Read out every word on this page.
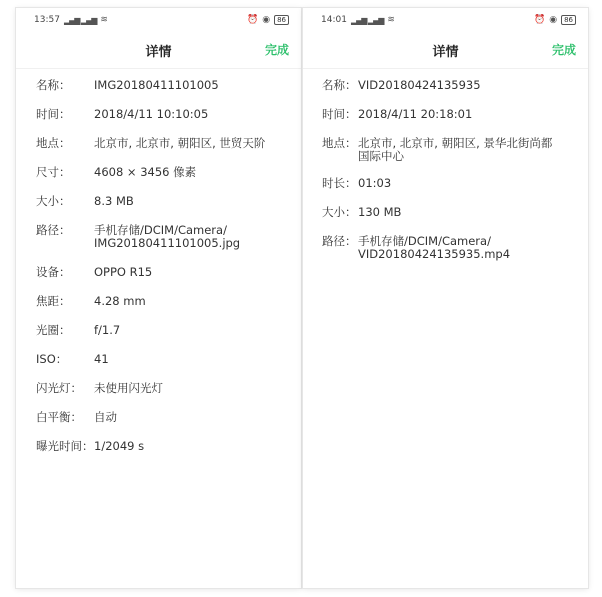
13:57 ▂▄▆ ▂▄▆ ≋	⏰ ◉	86
详情	完成
名称：	IMG20180411101005
时间：	2018/4/11 10:10:05
地点：	北京市, 北京市, 朝阳区, 世贸天阶
尺寸：	4608 × 3456 像素
大小：	8.3 MB
路径：	手机存储/DCIM/Camera/
IMG20180411101005.jpg
设备：	OPPO R15
焦距：	4.28 mm
光圈：	f/1.7
ISO：	41
闪光灯：	未使用闪光灯
白平衡：	自动
曝光时间： 1/2049 s
14:01 ▂▄▆ ▂▄▆ ≋	⏰ ◉	86
详情	完成
名称： VID20180424135935
时间： 2018/4/11 20:18:01
地点： 北京市, 北京市, 朝阳区, 景华北街尚都
国际中心
时长： 01:03
大小： 130 MB
路径： 手机存储/DCIM/Camera/
VID20180424135935.mp4
